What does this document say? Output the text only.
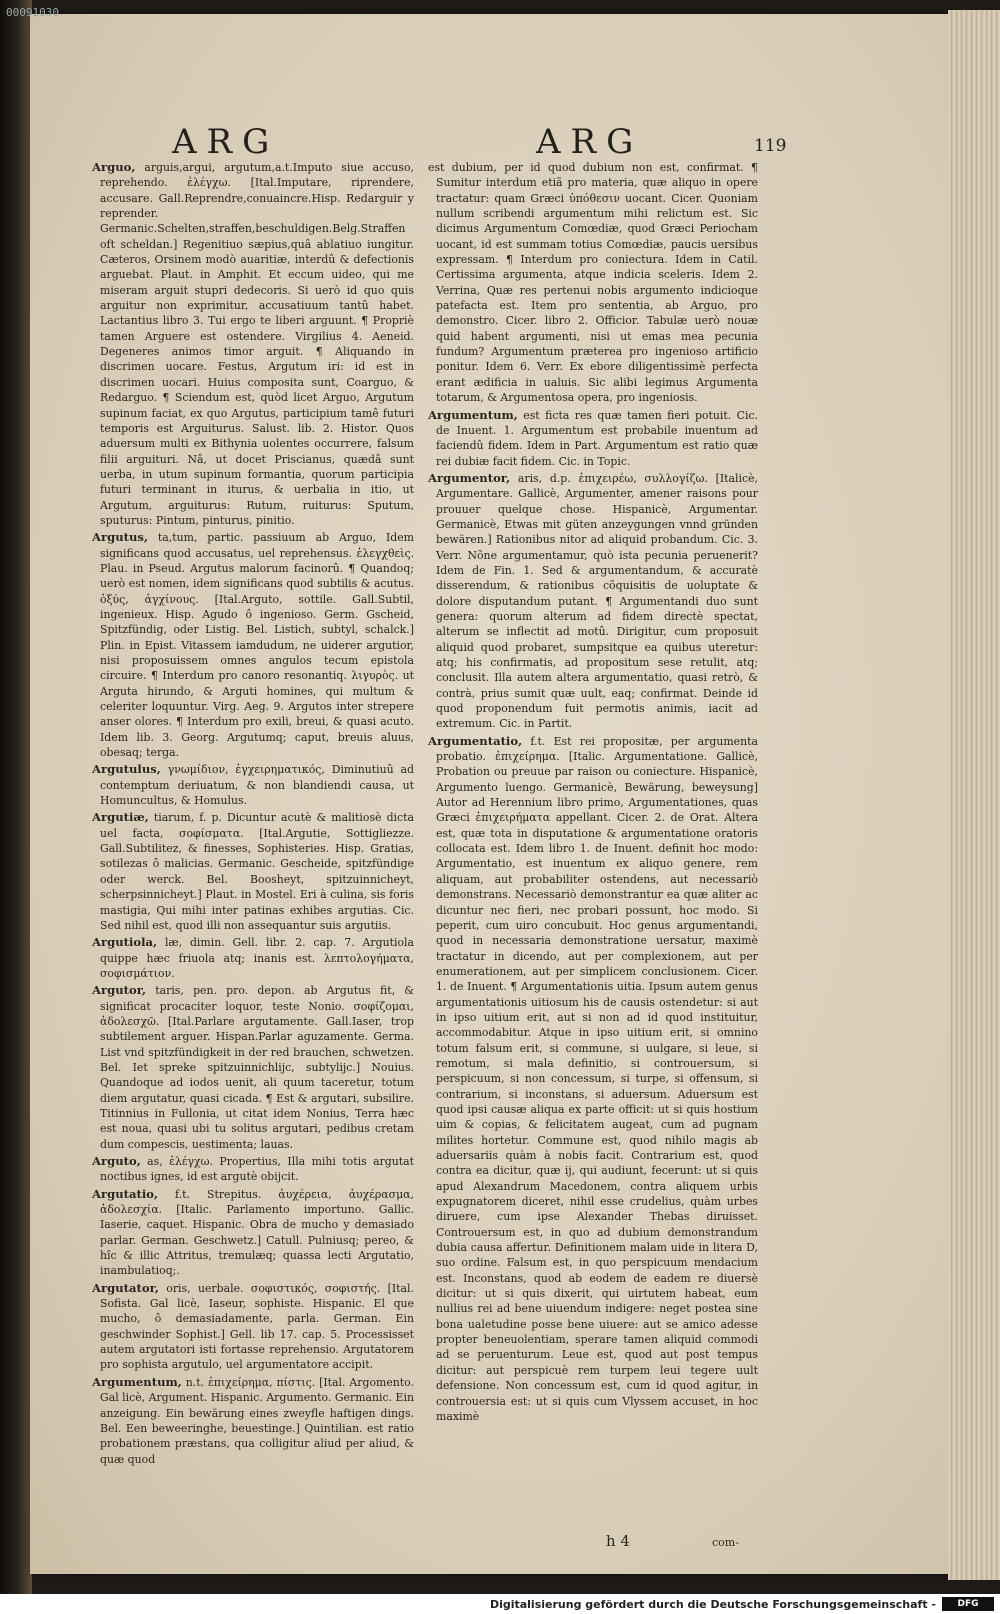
00091030
ARG	ARG	119

Arguo, arguis,argui, argutum,a.t.Imputo siue accuso, reprehendo. ἐλέγχω. [Ital.Imputare, riprendere, accusare. Gall.Reprendre,conuaincre.Hisp. Redarguir y reprender. Germanic.Schelten,straffen,beschuldigen.Belg.Straffen oft scheldan.] Regenitiuo sæpius,quâ ablatiuo iungitur. Cæteros, Orsinem modò auaritiæ, interdû & defectionis arguebat. Plaut. in Amphit. Et eccum uideo, qui me miseram arguit stupri dedecoris. Si uerò id quo quis arguitur non exprimitur, accusatiuum tantû habet. Lactantius libro 3. Tui ergo te liberi arguunt. ¶ Propriè tamen Arguere est ostendere. Virgilius 4. Aeneid. Degeneres animos timor arguit. ¶ Aliquando in discrimen uocare. Festus, Argutum iri: id est in discrimen uocari. Huius composita sunt, Coarguo, & Redarguo. ¶ Sciendum est, quòd licet Arguo, Argutum supinum faciat, ex quo Argutus, participium tamê futuri temporis est Arguiturus. Salust. lib. 2. Histor. Quos aduersum multi ex Bithynia uolentes occurrere, falsum filii arguituri. Nâ, ut docet Priscianus, quædâ sunt uerba, in utum supinum formantia, quorum participia futuri terminant in iturus, & uerbalia in itio, ut Argutum, arguiturus: Rutum, ruiturus: Sputum, sputurus: Pintum, pinturus, pinitio.

Argutus, ta,tum, partic. passiuum ab Arguo, Idem significans quod accusatus, uel reprehensus. ἐλεγχθεὶς. Plau. in Pseud. Argutus malorum facinorû. ¶ Quandoq; uerò est nomen, idem significans quod subtilis & acutus. ὀξύς, ἀγχίνους. [Ital.Arguto, sottile. Gall.Subtil, ingenieux. Hisp. Agudo ô ingenioso. Germ. Gscheid, Spitzfündig, oder Listig. Bel. Listich, subtyl, schalck.] Plin. in Epist. Vitassem iamdudum, ne uiderer argutior, nisi proposuissem omnes angulos tecum epistola circuire. ¶ Interdum pro canoro resonantiq. λιγυρὸς. ut Arguta hirundo, & Arguti homines, qui multum & celeriter loquuntur. Virg. Aeg. 9. Argutos inter strepere anser olores. ¶ Interdum pro exili, breui, & quasi acuto. Idem lib. 3. Georg. Argutumq; caput, breuis aluus, obesaq; terga.

Argutulus, γνωμίδιον, ἐγχειρηματικός, Diminutiuû ad contemptum deriuatum, & non blandiendi causa, ut Homuncultus, & Homulus.

Argutiæ, tiarum, f. p. Dicuntur acutè & malitiosè dicta uel facta, σοφίσματα. [Ital.Argutie, Sottigliezze. Gall.Subtilitez, & finesses, Sophisteries. Hisp. Gratias, sotilezas ô malicias. Germanic. Gescheide, spitzfündige oder werck. Bel. Boosheyt, spitzuinnicheyt, scherpsinnicheyt.] Plaut. in Mostel. Eri à culina, sis foris mastigia, Qui mihi inter patinas exhibes argutias. Cic. Sed nihil est, quod illi non assequantur suis argutiis.

Argutiola, læ, dimin. Gell. libr. 2. cap. 7. Argutiola quippe hæc friuola atq; inanis est. λεπτολογήματα, σοφισμάτιον.

Argutor, taris, pen. pro. depon. ab Argutus fit, & significat procaciter loquor, teste Nonio. σοφίζομαι, ἀδολεσχῶ. [Ital.Parlare argutamente. Gall.Iaser, trop subtilement arguer. Hispan.Parlar aguzamente. Germa. List vnd spitzfündigkeit in der red brauchen, schwetzen. Bel. Iet spreke spitzuinnichlijc, subtylijc.] Nouius. Quandoque ad iodos uenit, ali quum taceretur, totum diem argutatur, quasi cicada. ¶ Est & argutari, subsilire. Titinnius in Fullonia, ut citat idem Nonius, Terra hæc est noua, quasi ubi tu solitus argutari, pedibus cretam dum compescis, uestimenta; lauas.

Arguto, as, ἐλέγχω. Propertius, Illa mihi totis argutat noctibus ignes, id est argutè obijcit.

Argutatio, f.t. Strepitus. ἀυχέρεια, ἀυχέρασμα, ἀδολεσχία. [Italic. Parlamento importuno. Gallic. Iaserie, caquet. Hispanic. Obra de mucho y demasiado parlar. German. Geschwetz.] Catull. Pulniusq; pereo, & hîc & illic Attritus, tremulæq; quassa lecti Argutatio, inambulatioq;.

Argutator, oris, uerbale. σοφιστικός, σοφιστής. [Ital. Sofista. Gal licè, Iaseur, sophiste. Hispanic. El que mucho, ô demasiadamente, parla. German. Ein geschwinder Sophist.] Gell. lib 17. cap. 5. Processisset autem argutatori isti fortasse reprehensio. Argutatorem pro sophista argutulo, uel argumentatore accipit.

Argumentum, n.t. ἐπιχείρημα, πίστις. [Ital. Argomento. Gal licè, Argument. Hispanic. Argumento. Germanic. Ein anzeigung. Ein bewärung eines zweyfle haftigen dings. Bel. Een beweeringhe, beuestinge.] Quintilian. est ratio probationem præstans, qua colligitur aliud per aliud, & quæ quod

est dubium, per id quod dubium non est, confirmat. ¶ Sumitur interdum etiã pro materia, quæ aliquo in opere tractatur: quam Græci ὑπόθεσιν uocant. Cicer. Quoniam nullum scribendi argumentum mihi relictum est. Sic dicimus Argumentum Comœdiæ, quod Græci Periocham uocant, id est summam totius Comœdiæ, paucis uersibus expressam. ¶ Interdum pro coniectura. Idem in Catil. Certissima argumenta, atque indicia sceleris. Idem 2. Verrina, Quæ res pertenui nobis argumento indicioque patefacta est. Item pro sententia, ab Arguo, pro demonstro. Cicer. libro 2. Officior. Tabulæ uerò nouæ quid habent argumenti, nisi ut emas mea pecunia fundum? Argumentum præterea pro ingenioso artificio ponitur. Idem 6. Verr. Ex ebore diligentissimè perfecta erant ædificia in ualuis. Sic alibi legimus Argumenta totarum, & Argumentosa opera, pro ingeniosis.

Argumentum, est ficta res quæ tamen fieri potuit. Cic. de Inuent. 1. Argumentum est probabile inuentum ad faciendû fidem. Idem in Part. Argumentum est ratio quæ rei dubiæ facit fidem. Cic. in Topic.

Argumentor, aris, d.p. ἐπιχειρέω, συλλογίζω. [Italicè, Argumentare. Gallicè, Argumenter, amener raisons pour prouuer quelque chose. Hispanicè, Argumentar. Germanicè, Etwas mit güten anzeygungen vnnd gründen bewären.] Rationibus nitor ad aliquid probandum. Cic. 3. Verr. Nõne argumentamur, quò ista pecunia peruenerit? Idem de Fin. 1. Sed & argumentandum, & accuratè disserendum, & rationibus cõquisitis de uoluptate & dolore disputandum putant. ¶ Argumentandi duo sunt genera: quorum alterum ad fidem directè spectat, alterum se inflectit ad motû. Dirigitur, cum proposuit aliquid quod probaret, sumpsitque ea quibus uteretur: atq; his confirmatis, ad propositum sese retulit, atq; conclusit. Illa autem altera argumentatio, quasi retrò, & contrà, prius sumit quæ uult, eaq; confirmat. Deinde id quod proponendum fuit permotis animis, iacit ad extremum. Cic. in Partit.

Argumentatio, f.t. Est rei propositæ, per argumenta probatio. ἐπιχείρημα. [Italic. Argumentatione. Gallicè, Probation ou preuue par raison ou coniecture. Hispanicè, Argumento luengo. Germanicè, Bewärung, beweysung] Autor ad Herennium libro primo, Argumentationes, quas Græci ἐπιχειρήματα appellant. Cicer. 2. de Orat. Altera est, quæ tota in disputatione & argumentatione oratoris collocata est. Idem libro 1. de Inuent. definit hoc modo: Argumentatio, est inuentum ex aliquo genere, rem aliquam, aut probabiliter ostendens, aut necessariò demonstrans. Necessariò demonstrantur ea quæ aliter ac dicuntur nec fieri, nec probari possunt, hoc modo. Si peperit, cum uiro concubuit. Hoc genus argumentandi, quod in necessaria demonstratione uersatur, maximè tractatur in dicendo, aut per complexionem, aut per enumerationem, aut per simplicem conclusionem. Cicer. 1. de Inuent. ¶ Argumentationis uitia. Ipsum autem genus argumentationis uitiosum his de causis ostendetur: si aut in ipso uitium erit, aut si non ad id quod instituitur, accommodabitur. Atque in ipso uitium erit, si omnino totum falsum erit, si commune, si uulgare, si leue, si remotum, si mala definitio, si controuersum, si perspicuum, si non concessum, si turpe, si offensum, si contrarium, si inconstans, si aduersum. Aduersum est quod ipsi causæ aliqua ex parte officit: ut si quis hostium uim & copias, & felicitatem augeat, cum ad pugnam milites hortetur. Commune est, quod nihilo magis ab aduersariis quàm à nobis facit. Contrarium est, quod contra ea dicitur, quæ ij, qui audiunt, fecerunt: ut si quis apud Alexandrum Macedonem, contra aliquem urbis expugnatorem diceret, nihil esse crudelius, quàm urbes diruere, cum ipse Alexander Thebas diruisset. Controuersum est, in quo ad dubium demonstrandum dubia causa affertur. Definitionem malam uide in litera D, suo ordine. Falsum est, in quo perspicuum mendacium est. Inconstans, quod ab eodem de eadem re diuersè dicitur: ut si quis dixerit, qui uirtutem habeat, eum nullius rei ad bene uiuendum indigere: neget postea sine bona ualetudine posse bene uiuere: aut se amico adesse propter beneuolentiam, sperare tamen aliquid commodi ad se peruenturum. Leue est, quod aut post tempus dicitur: aut perspicuè rem turpem leui tegere uult defensione. Non concessum est, cum id quod agitur, in controuersia est: ut si quis cum Vlyssem accuset, in hoc maximè

h 4	com-
Digitalisierung gefördert durch die Deutsche Forschungsgemeinschaft -	DFG
